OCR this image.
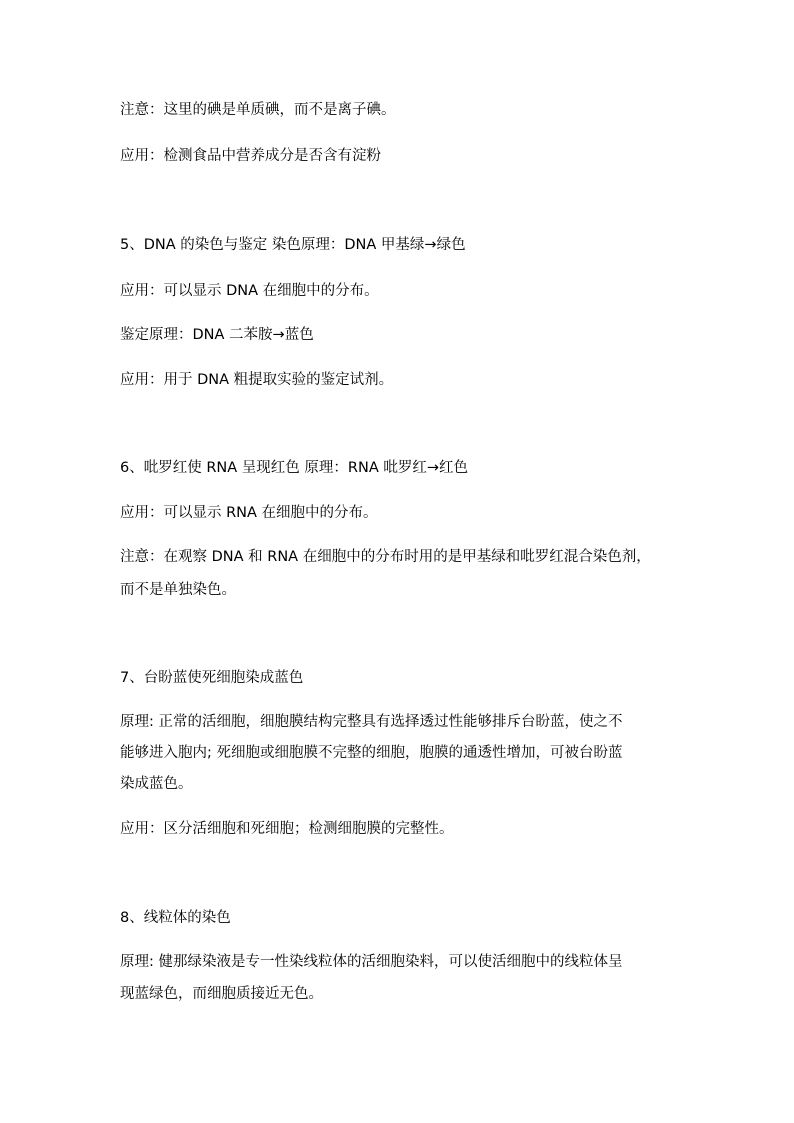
注意：这里的碘是单质碘，而不是离子碘。
应用：检测食品中营养成分是否含有淀粉
5、DNA 的染色与鉴定 染色原理：DNA 甲基绿→绿色
应用：可以显示 DNA 在细胞中的分布。
鉴定原理：DNA 二苯胺→蓝色
应用：用于 DNA 粗提取实验的鉴定试剂。
6、吡罗红使 RNA 呈现红色 原理：RNA 吡罗红→红色
应用：可以显示 RNA 在细胞中的分布。
注意：在观察 DNA 和 RNA 在细胞中的分布时用的是甲基绿和吡罗红混合染色剂，
而不是单独染色。
7、台盼蓝使死细胞染成蓝色
原理: 正常的活细胞，细胞膜结构完整具有选择透过性能够排斥台盼蓝，使之不
能够进入胞内; 死细胞或细胞膜不完整的细胞，胞膜的通透性增加，可被台盼蓝
染成蓝色。
应用：区分活细胞和死细胞；检测细胞膜的完整性。
8、线粒体的染色
原理: 健那绿染液是专一性染线粒体的活细胞染料，可以使活细胞中的线粒体呈
现蓝绿色，而细胞质接近无色。
